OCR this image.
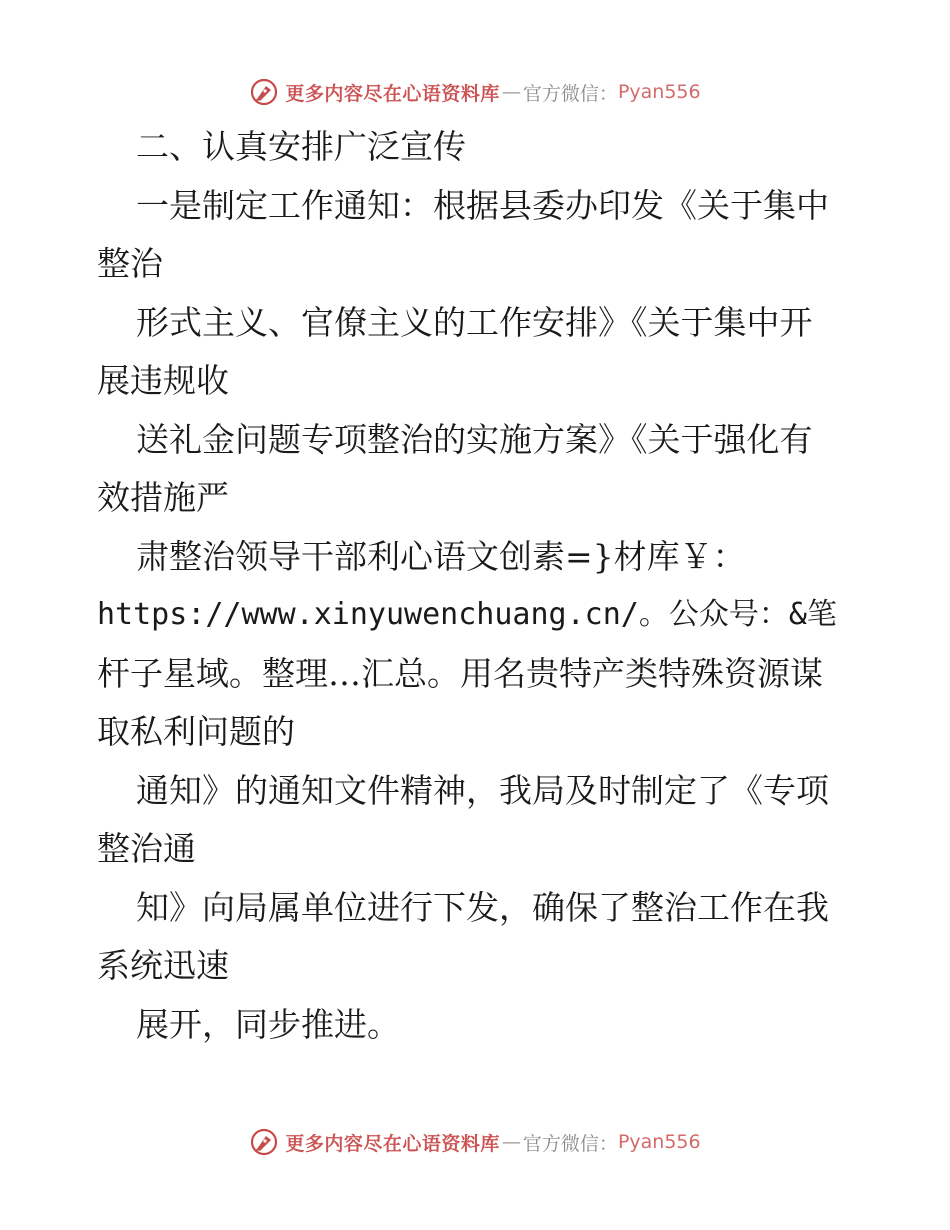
更多内容尽在心语资料库 — 官方微信： Pyan556
二、认真安排广泛宣传
一是制定工作通知：根据县委办印发《关于集中
整治
形式主义、官僚主义的工作安排》《关于集中开
展违规收
送礼金问题专项整治的实施方案》《关于强化有
效措施严
肃整治领导干部利心语文创素=}材库￥：
https://www.xinyuwenchuang.cn/。公众号：&笔
杆子星域。整理…汇总。用名贵特产类特殊资源谋
取私利问题的
通知》的通知文件精神，我局及时制定了《专项
整治通
知》向局属单位进行下发，确保了整治工作在我
系统迅速
展开，同步推进。
更多内容尽在心语资料库 — 官方微信： Pyan556
